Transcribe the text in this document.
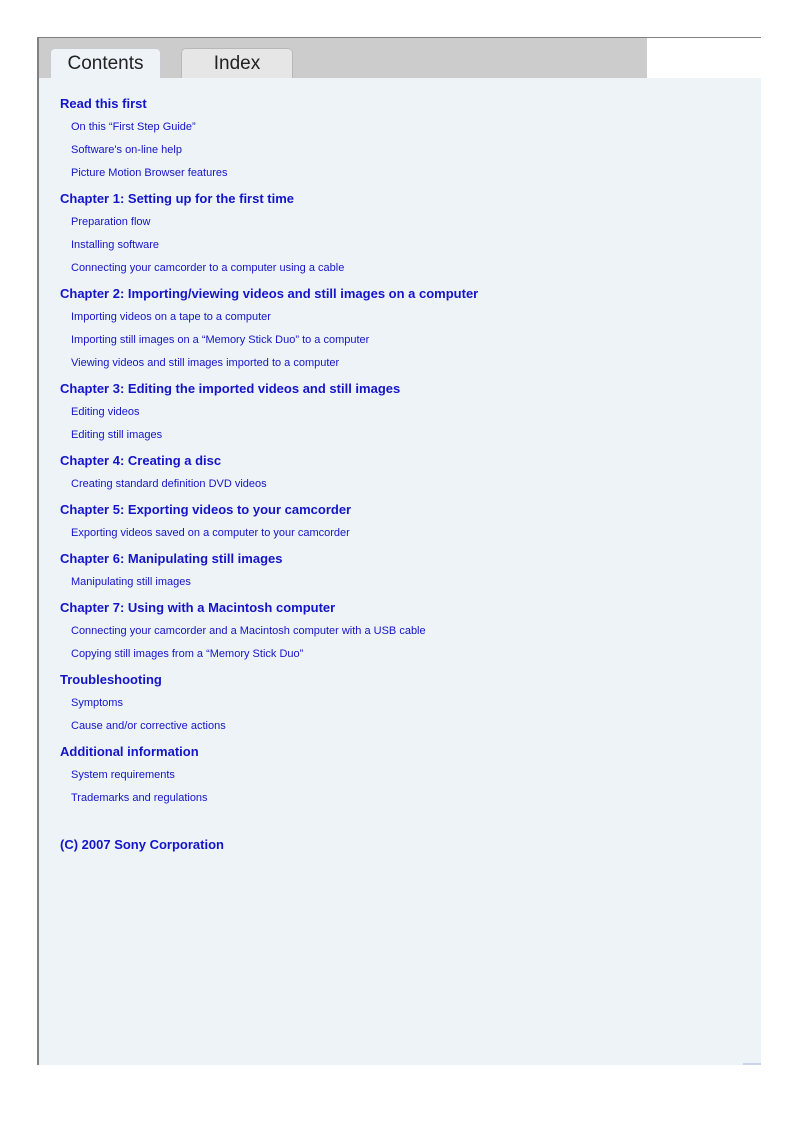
Contents	Index
Read this first
On this “First Step Guide”
Software's on-line help
Picture Motion Browser features
Chapter 1: Setting up for the first time
Preparation flow
Installing software
Connecting your camcorder to a computer using a cable
Chapter 2: Importing/viewing videos and still images on a computer
Importing videos on a tape to a computer
Importing still images on a “Memory Stick Duo” to a computer
Viewing videos and still images imported to a computer
Chapter 3: Editing the imported videos and still images
Editing videos
Editing still images
Chapter 4: Creating a disc
Creating standard definition DVD videos
Chapter 5: Exporting videos to your camcorder
Exporting videos saved on a computer to your camcorder
Chapter 6: Manipulating still images
Manipulating still images
Chapter 7: Using with a Macintosh computer
Connecting your camcorder and a Macintosh computer with a USB cable
Copying still images from a “Memory Stick Duo”
Troubleshooting
Symptoms
Cause and/or corrective actions
Additional information
System requirements
Trademarks and regulations
(C) 2007 Sony Corporation
